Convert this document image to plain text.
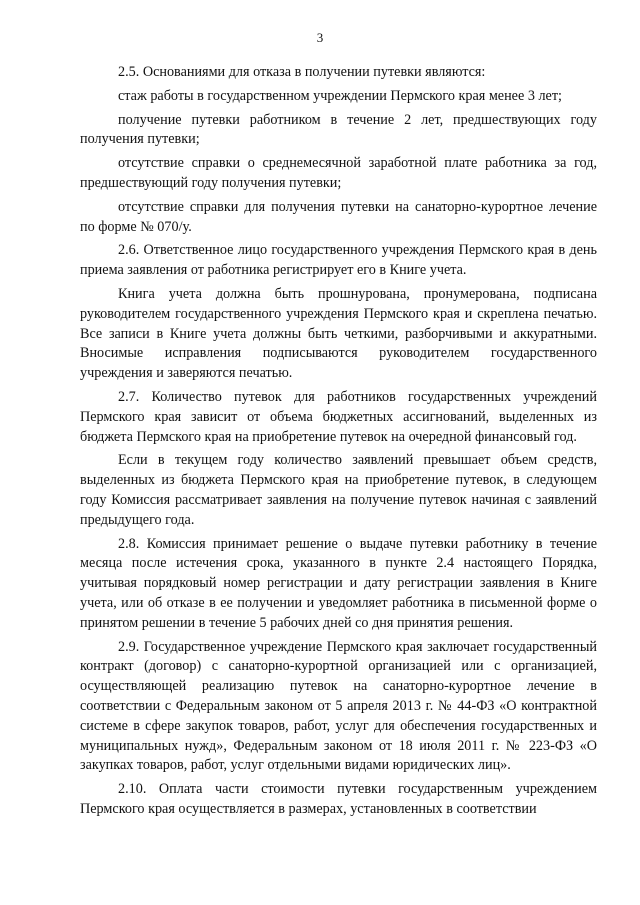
3

2.5. Основаниями для отказа в получении путевки являются:

стаж работы в государственном учреждении Пермского края менее 3 лет;

получение путевки работником в течение 2 лет, предшествующих году получения путевки;

отсутствие справки о среднемесячной заработной плате работника за год, предшествующий году получения путевки;

отсутствие справки для получения путевки на санаторно-курортное лечение по форме № 070/у.

2.6. Ответственное лицо государственного учреждения Пермского края в день приема заявления от работника регистрирует его в Книге учета.

Книга учета должна быть прошнурована, пронумерована, подписана руководителем государственного учреждения Пермского края и скреплена печатью. Все записи в Книге учета должны быть четкими, разборчивыми и аккуратными. Вносимые исправления подписываются руководителем государственного учреждения и заверяются печатью.

2.7. Количество путевок для работников государственных учреждений Пермского края зависит от объема бюджетных ассигнований, выделенных из бюджета Пермского края на приобретение путевок на очередной финансовый год.

Если в текущем году количество заявлений превышает объем средств, выделенных из бюджета Пермского края на приобретение путевок, в следующем году Комиссия рассматривает заявления на получение путевок начиная с заявлений предыдущего года.

2.8. Комиссия принимает решение о выдаче путевки работнику в течение месяца после истечения срока, указанного в пункте 2.4 настоящего Порядка, учитывая порядковый номер регистрации и дату регистрации заявления в Книге учета, или об отказе в ее получении и уведомляет работника в письменной форме о принятом решении в течение 5 рабочих дней со дня принятия решения.

2.9. Государственное учреждение Пермского края заключает государственный контракт (договор) с санаторно-курортной организацией или с организацией, осуществляющей реализацию путевок на санаторно-курортное лечение в соответствии с Федеральным законом от 5 апреля 2013 г. № 44-ФЗ «О контрактной системе в сфере закупок товаров, работ, услуг для обеспечения государственных и муниципальных нужд», Федеральным законом от 18 июля 2011 г. № 223-ФЗ «О закупках товаров, работ, услуг отдельными видами юридических лиц».

2.10. Оплата части стоимости путевки государственным учреждением Пермского края осуществляется в размерах, установленных в соответствии
